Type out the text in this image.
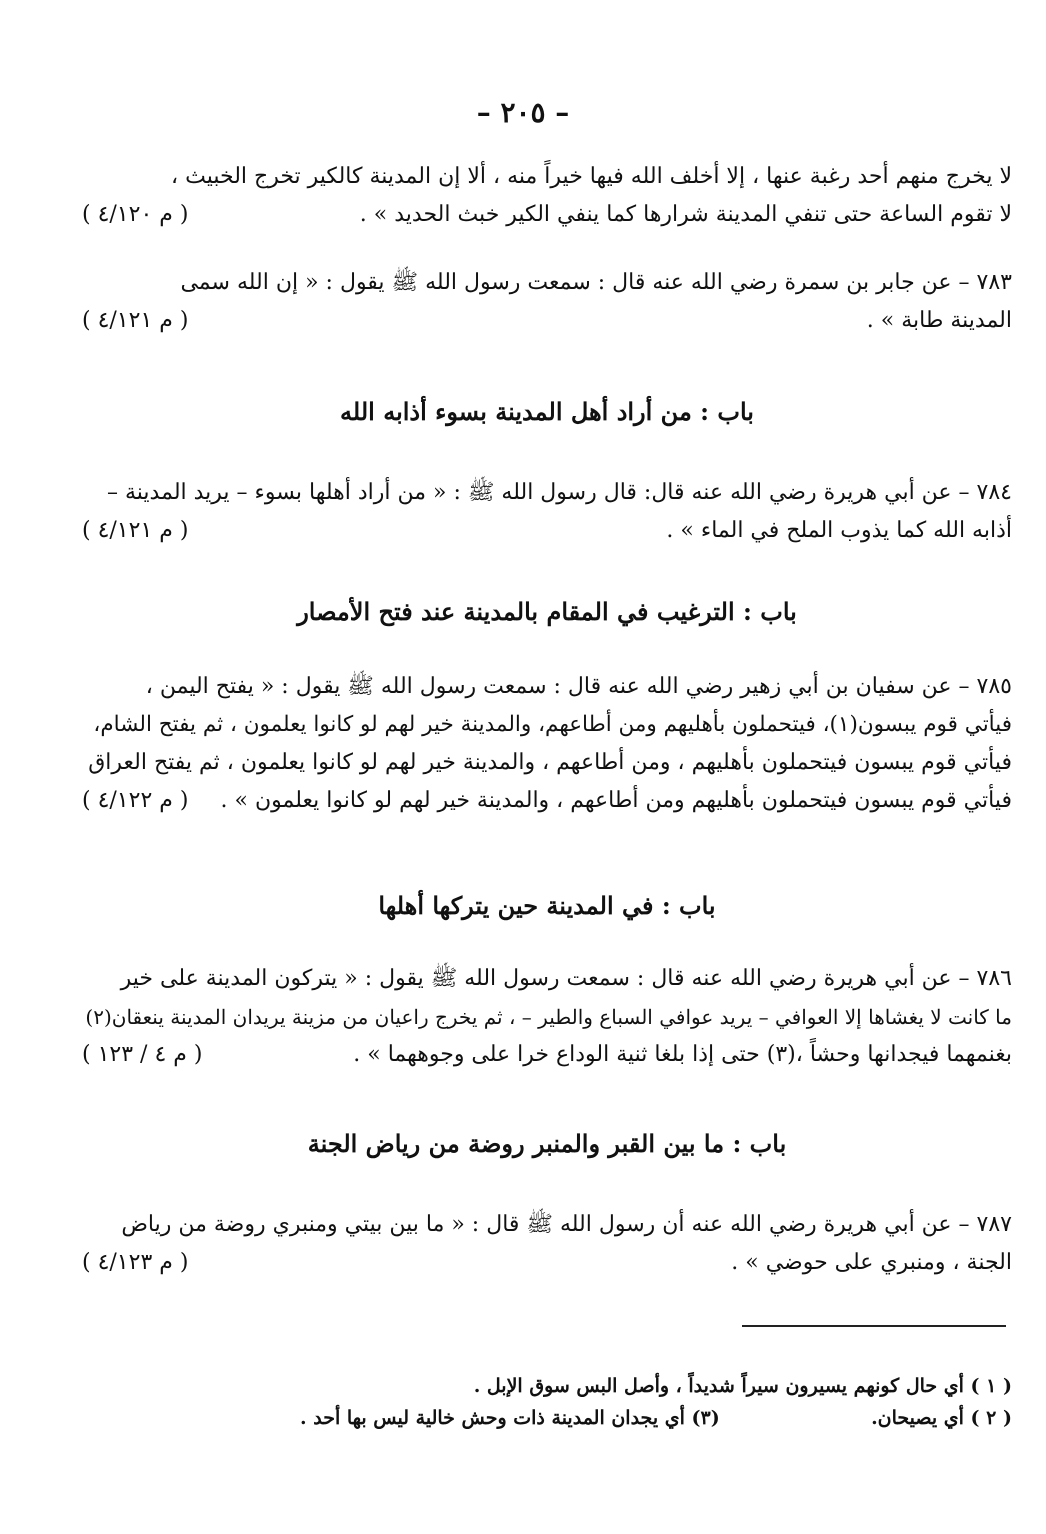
– ٢٠٥ –
لا يخرج منهم أحد رغبة عنها ، إلا أخلف الله فيها خيراً منه ، ألا إن المدينة كالكير تخرج الخبيث ،
لا تقوم الساعة حتى تنفي المدينة شرارها كما ينفي الكير خبث الحديد » .
( م ٤/١٢٠ )
٧٨٣ – عن جابر بن سمرة رضي الله عنه قال : سمعت رسول الله ﷺ يقول : « إن الله سمى
المدينة طابة » .
( م ٤/١٢١ )
باب : من أراد أهل المدينة بسوء أذابه الله
٧٨٤ – عن أبي هريرة رضي الله عنه قال: قال رسول الله ﷺ : « من أراد أهلها بسوء – يريد المدينة –
أذابه الله كما يذوب الملح في الماء » .
( م ٤/١٢١ )
باب : الترغيب في المقام بالمدينة عند فتح الأمصار
٧٨٥ – عن سفيان بن أبي زهير رضي الله عنه قال : سمعت رسول الله ﷺ يقول : « يفتح اليمن ،
فيأتي قوم يبسون(١)، فيتحملون بأهليهم ومن أطاعهم، والمدينة خير لهم لو كانوا يعلمون ، ثم يفتح الشام،
فيأتي قوم يبسون فيتحملون بأهليهم ، ومن أطاعهم ، والمدينة خير لهم لو كانوا يعلمون ، ثم يفتح العراق
فيأتي قوم يبسون فيتحملون بأهليهم ومن أطاعهم ، والمدينة خير لهم لو كانوا يعلمون » .
( م ٤/١٢٢ )
باب : في المدينة حين يتركها أهلها
٧٨٦ – عن أبي هريرة رضي الله عنه قال : سمعت رسول الله ﷺ يقول : « يتركون المدينة على خير
ما كانت لا يغشاها إلا العوافي – يريد عوافي السباع والطير – ، ثم يخرج راعيان من مزينة يريدان المدينة ينعقان(٢)
بغنمهما فيجدانها وحشاً ،(٣) حتى إذا بلغا ثنية الوداع خرا على وجوههما » .
( م ٤ / ١٢٣ )
باب : ما بين القبر والمنبر روضة من رياض الجنة
٧٨٧ – عن أبي هريرة رضي الله عنه أن رسول الله ﷺ قال : « ما بين بيتي ومنبري روضة من رياض
الجنة ، ومنبري على حوضي » .
( م ٤/١٢٣ )
( ١ ) أي حال كونهم يسيرون سيراً شديداً ، وأصل البس سوق الإبل .
( ٢ ) أي يصيحان.
(٣) أي يجدان المدينة ذات وحش خالية ليس بها أحد .
